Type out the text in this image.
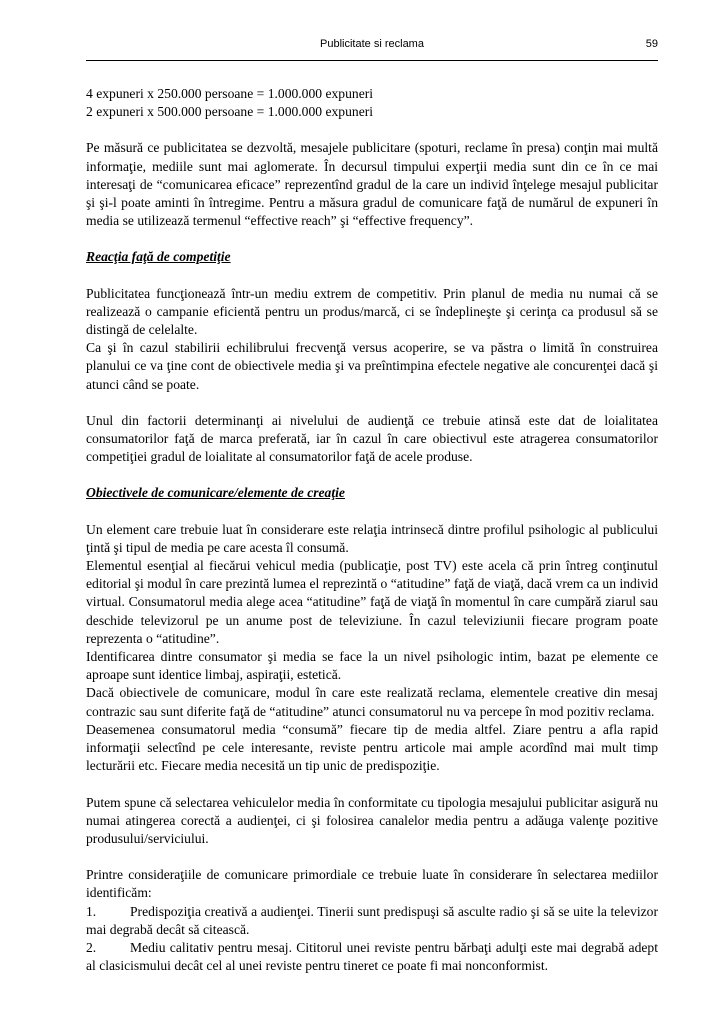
Publicitate si reclama	59

4 expuneri x 250.000 persoane = 1.000.000 expuneri

2 expuneri x 500.000 persoane = 1.000.000 expuneri

Pe măsură ce publicitatea se dezvoltă, mesajele publicitare (spoturi, reclame în presa) conţin mai multă informaţie, mediile sunt mai aglomerate. În decursul timpului experţii media sunt din ce în ce mai interesaţi de “comunicarea eficace” reprezentînd gradul de la care un individ înţelege mesajul publicitar şi şi-l poate aminti în întregime. Pentru a măsura gradul de comunicare faţă de numărul de expuneri în media se utilizează termenul “effective reach” şi “effective frequency”.

Reacţia faţă de competiţie

Publicitatea funcţionează într-un mediu extrem de competitiv. Prin planul de media nu numai că se realizează o campanie eficientă pentru un produs/marcă, ci se îndeplineşte şi cerinţa ca produsul să se distingă de celelalte.

Ca şi în cazul stabilirii echilibrului frecvenţă versus acoperire, se va păstra o limită în construirea planului ce va ţine cont de obiectivele media şi va preîntimpina efectele negative ale concurenţei dacă şi atunci când se poate.

Unul din factorii determinanţi ai nivelului de audienţă ce trebuie atinsă este dat de loialitatea consumatorilor faţă de marca preferată, iar în cazul în care obiectivul este atragerea consumatorilor competiţiei gradul de loialitate al consumatorilor faţă de acele produse.

Obiectivele de comunicare/elemente de creaţie

Un element care trebuie luat în considerare este relaţia intrinsecă dintre profilul psihologic al publicului ţintă şi tipul de media pe care acesta îl consumă.

Elementul esenţial al fiecărui vehicul media (publicaţie, post TV) este acela că prin întreg conţinutul editorial şi modul în care prezintă lumea el reprezintă o “atitudine” faţă de viaţă, dacă vrem ca un individ virtual. Consumatorul media alege acea “atitudine” faţă de viaţă în momentul în care cumpără ziarul sau deschide televizorul pe un anume post de televiziune. În cazul televiziunii fiecare program poate reprezenta o “atitudine”.

Identificarea dintre consumator şi media se face la un nivel psihologic intim, bazat pe elemente ce aproape sunt identice limbaj, aspiraţii, estetică.

Dacă obiectivele de comunicare, modul în care este realizată reclama, elementele creative din mesaj contrazic sau sunt diferite faţă de “atitudine” atunci consumatorul nu va percepe în mod pozitiv reclama.

Deasemenea consumatorul media “consumă” fiecare tip de media altfel. Ziare pentru a afla rapid informaţii selectînd pe cele interesante, reviste pentru articole mai ample acordînd mai mult timp lecturării etc. Fiecare media necesită un tip unic de predispoziţie.

Putem spune că selectarea vehiculelor media în conformitate cu tipologia mesajului publicitar asigură nu numai atingerea corectă a audienţei, ci şi folosirea canalelor media pentru a adăuga valenţe pozitive produsului/serviciului.

Printre consideraţiile de comunicare primordiale ce trebuie luate în considerare în selectarea mediilor identificăm:

1. Predispoziţia creativă a audienţei. Tinerii sunt predispuşi să asculte radio şi să se uite la televizor mai degrabă decât să citească.

2. Mediu calitativ pentru mesaj. Cititorul unei reviste pentru bărbaţi adulţi este mai degrabă adept al clasicismului decât cel al unei reviste pentru tineret ce poate fi mai nonconformist.
